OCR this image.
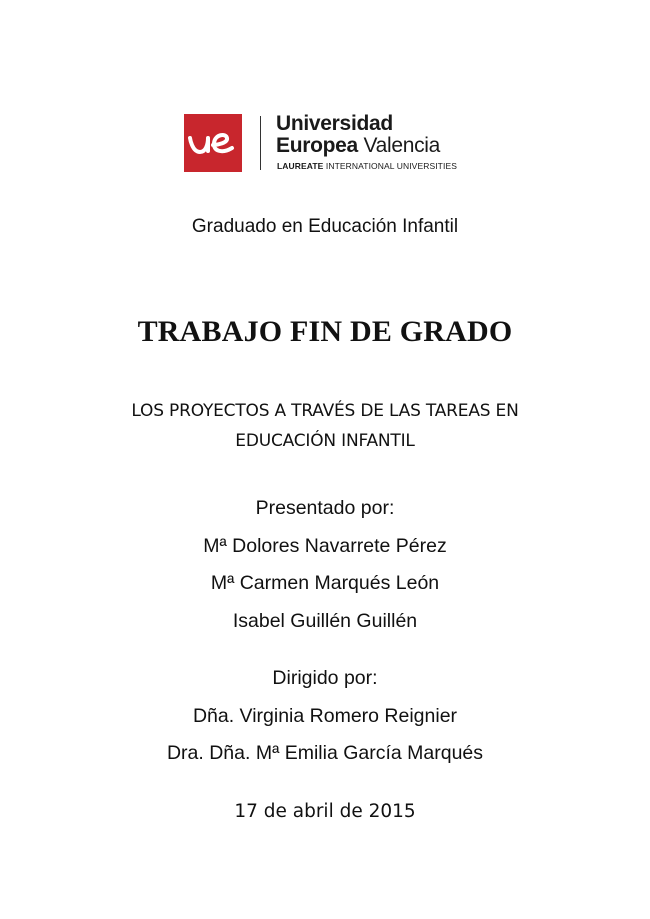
Universidad
Europea Valencia
LAUREATE INTERNATIONAL UNIVERSITIES
Graduado en Educación Infantil
TRABAJO FIN DE GRADO
LOS PROYECTOS A TRAVÉS DE LAS TAREAS EN
EDUCACIÓN INFANTIL
Presentado por:
Mª Dolores Navarrete Pérez
Mª Carmen Marqués León
Isabel Guillén Guillén
Dirigido por:
Dña. Virginia Romero Reignier
Dra. Dña. Mª Emilia García Marqués
17 de abril de 2015
